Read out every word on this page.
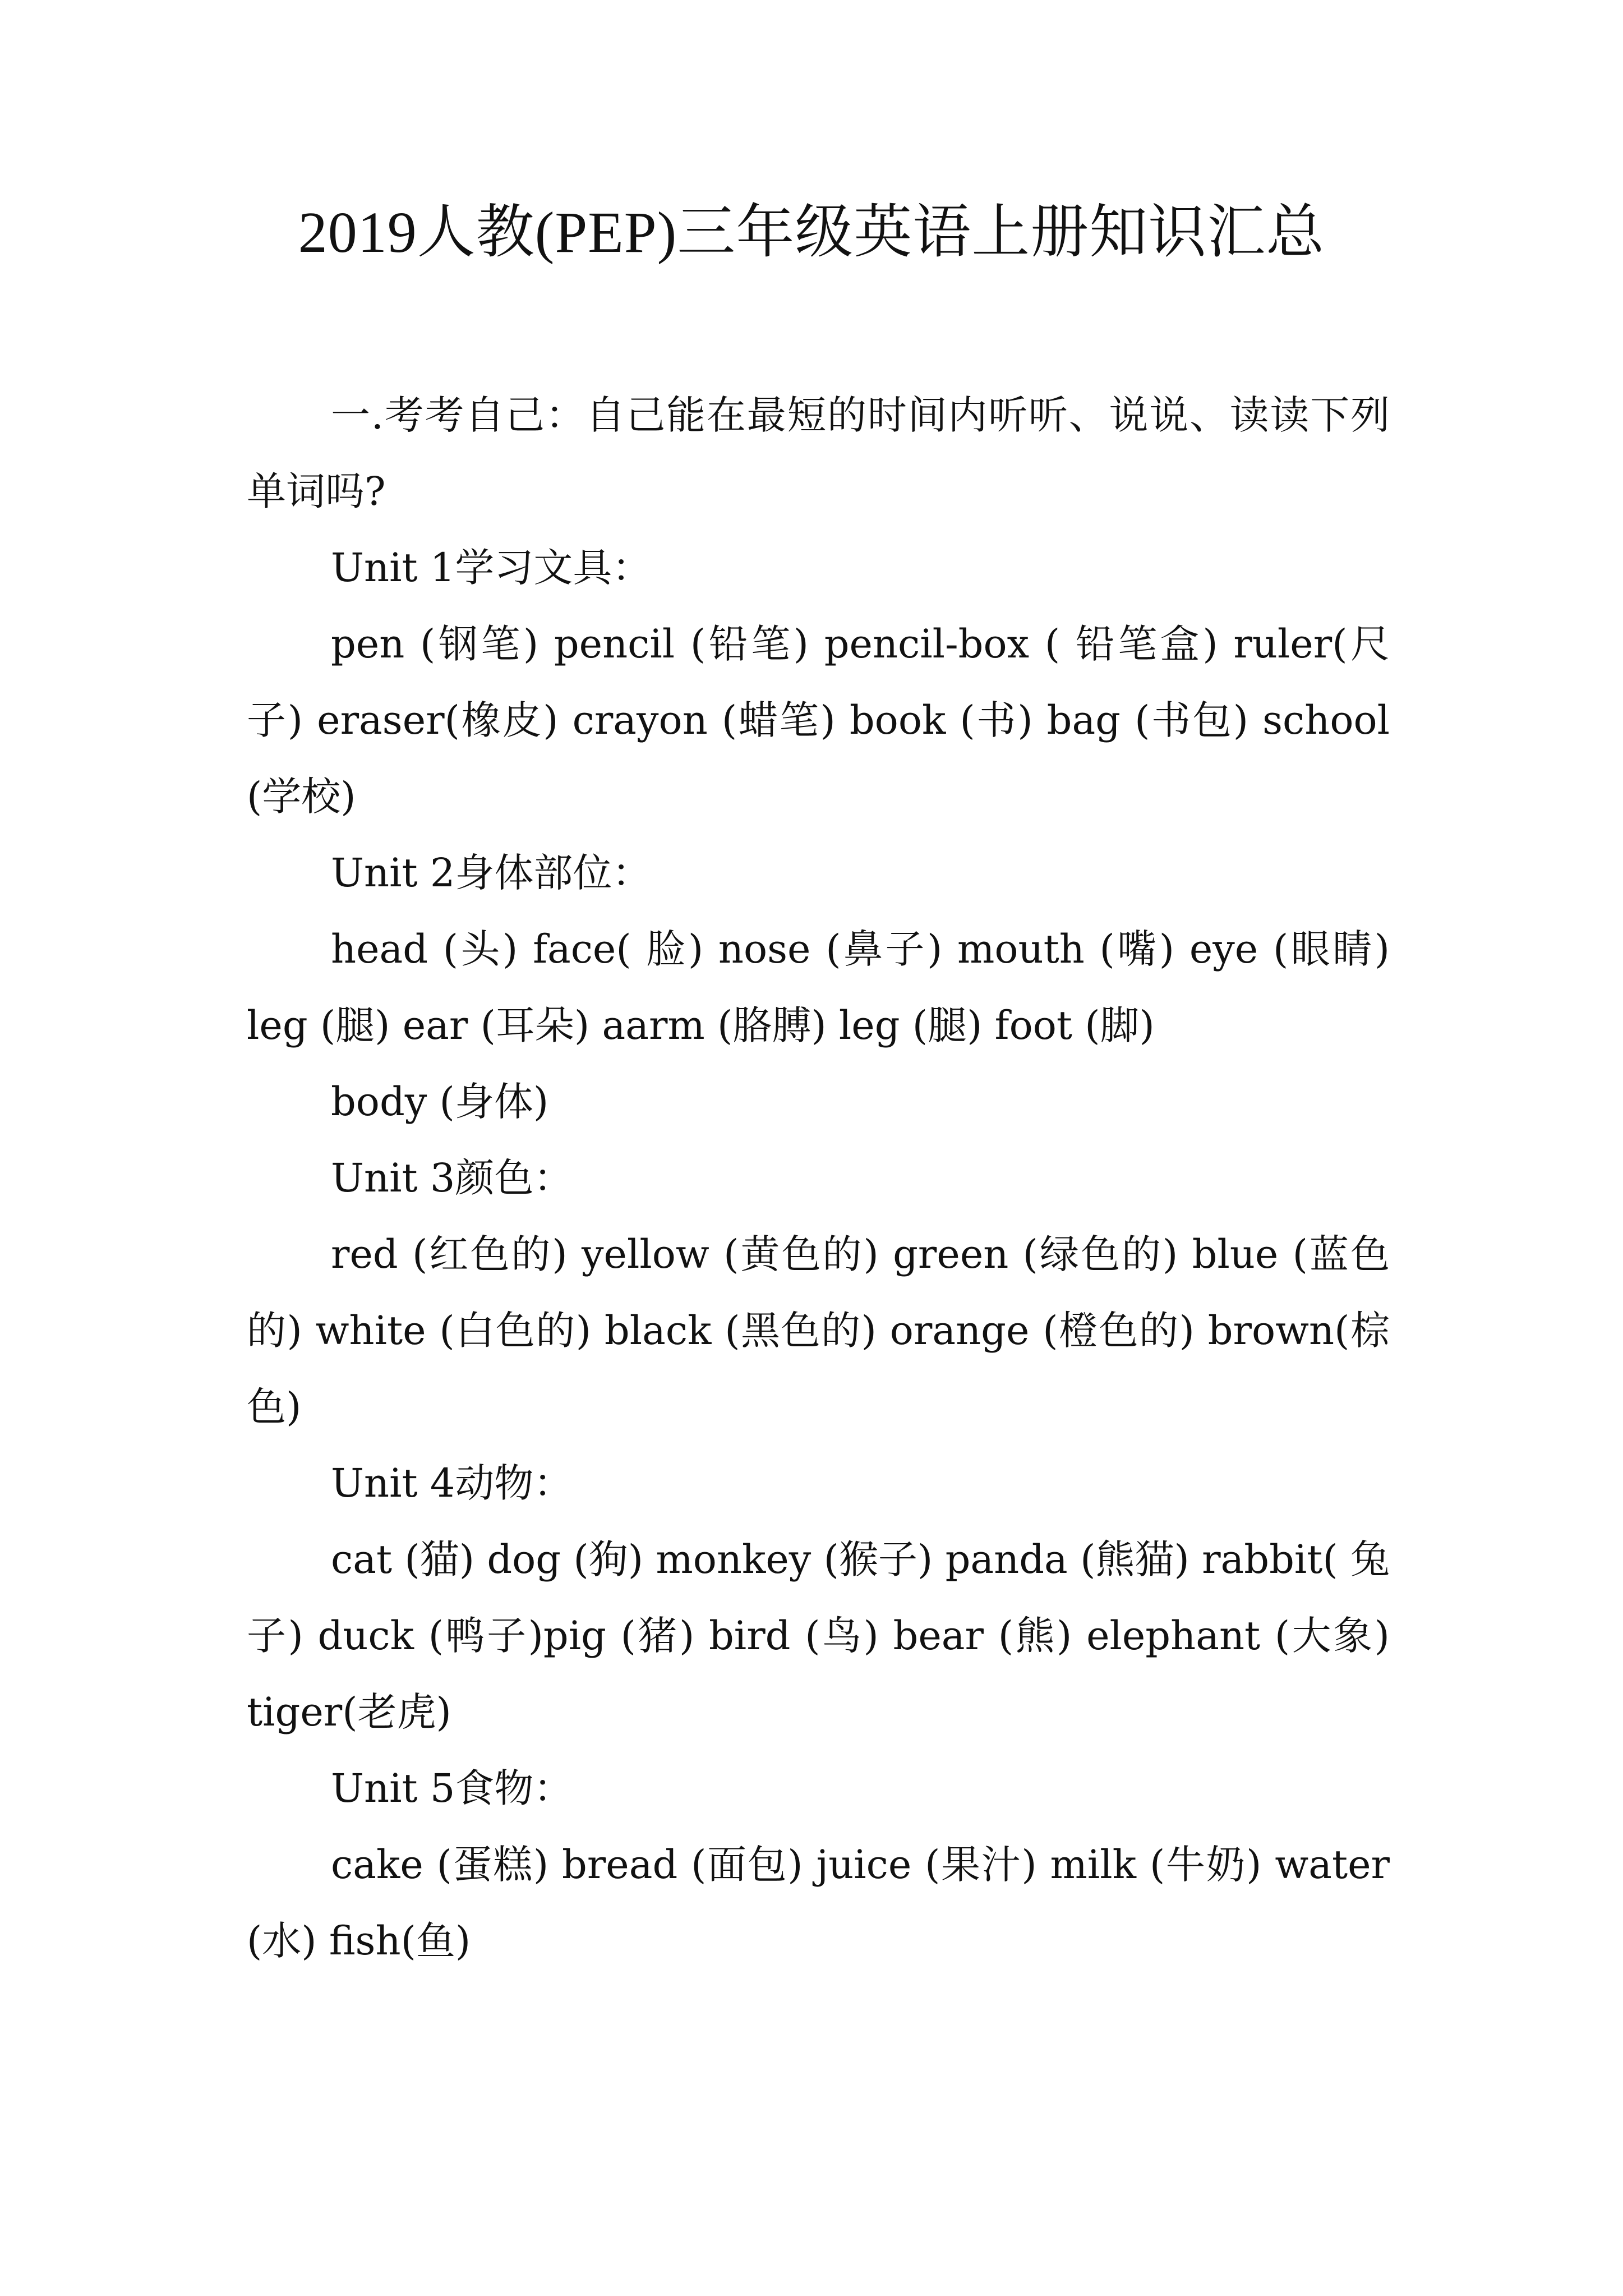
2019人教(PEP)三年级英语上册知识汇总

一.考考自己：自己能在最短的时间内听听、说说、读读下列单词吗?

Unit 1学习文具：

pen (钢笔) pencil (铅笔) pencil-box ( 铅笔盒) ruler(尺子) eraser(橡皮) crayon (蜡笔) book (书) bag (书包) school (学校)

Unit 2身体部位：

head (头) face( 脸) nose (鼻子) mouth (嘴) eye (眼睛) leg (腿) ear (耳朵) aarm (胳膊) leg (腿) foot (脚)

body (身体)

Unit 3颜色：

red (红色的) yellow (黄色的) green (绿色的) blue (蓝色的) white (白色的) black (黑色的) orange (橙色的) brown(棕色)

Unit 4动物：

cat (猫) dog (狗) monkey (猴子) panda (熊猫) rabbit( 兔子) duck (鸭子)pig (猪) bird (鸟) bear (熊) elephant (大象) tiger(老虎)

Unit 5食物：

cake (蛋糕) bread (面包) juice (果汁) milk (牛奶) water (水) fish(鱼)
